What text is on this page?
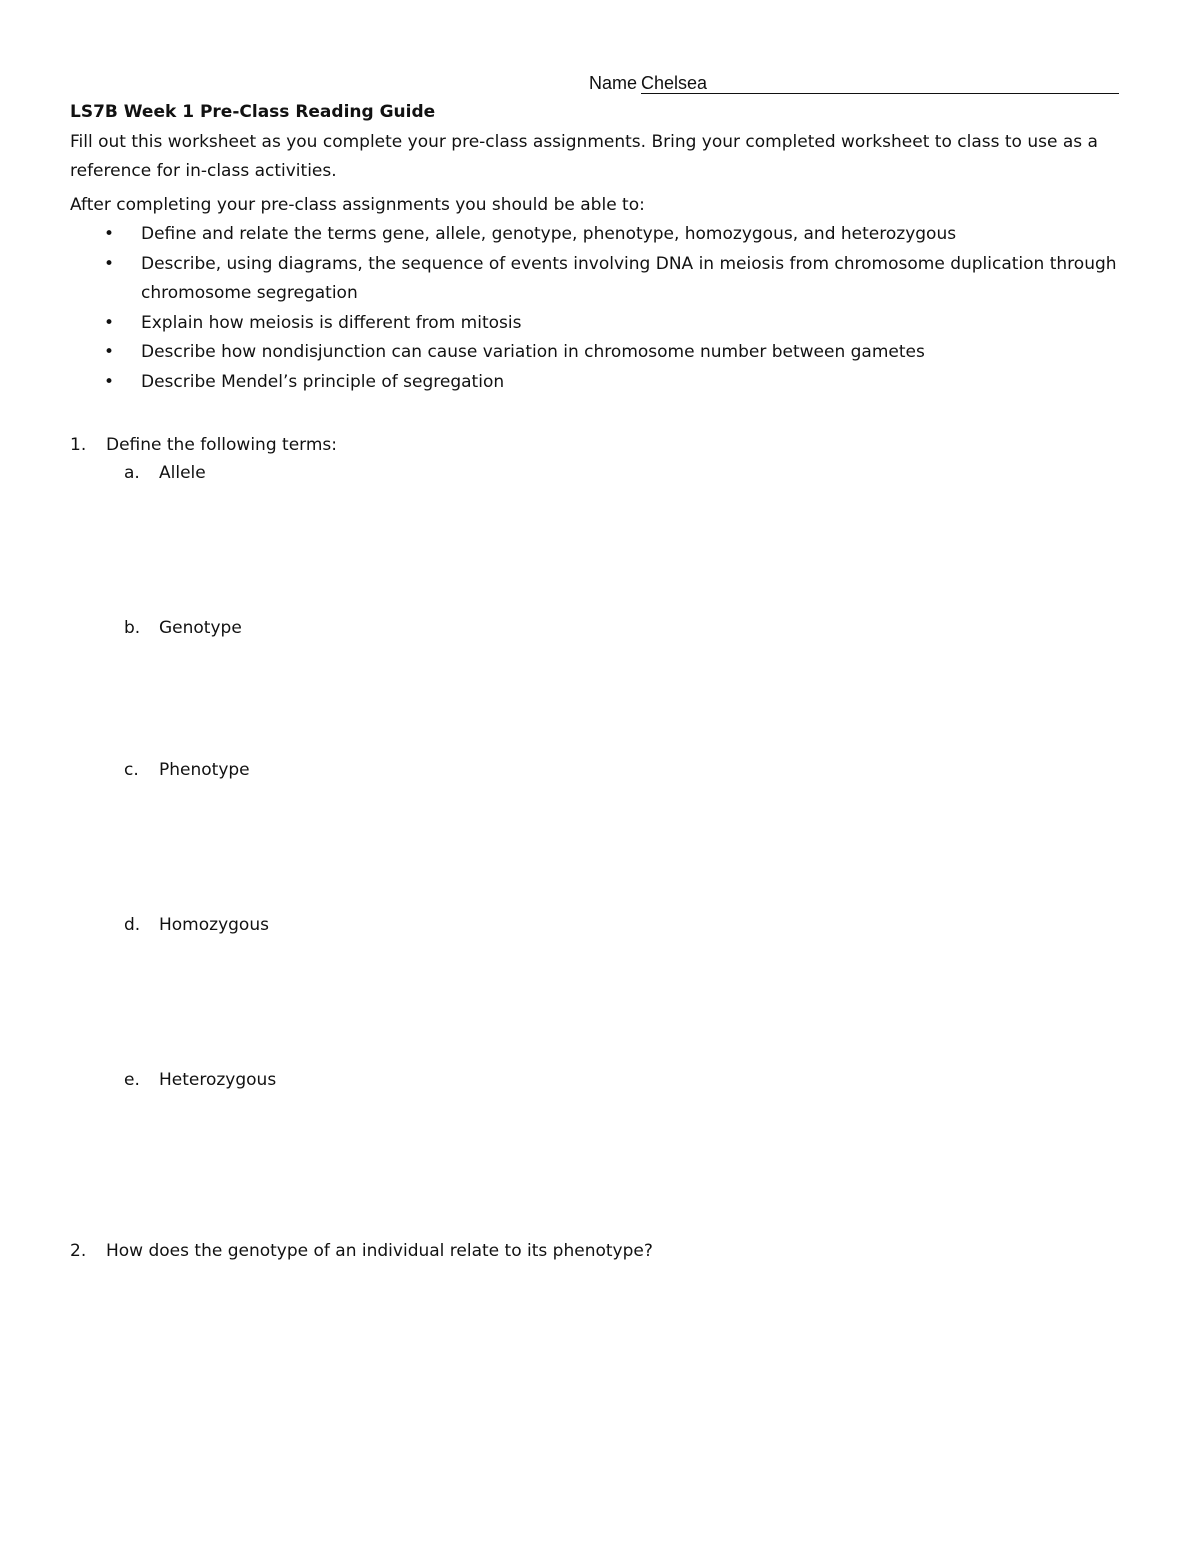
Name Chelsea
LS7B Week 1 Pre-Class Reading Guide

Fill out this worksheet as you complete your pre-class assignments. Bring your completed worksheet to class to use as a reference for in-class activities.

After completing your pre-class assignments you should be able to:
• Define and relate the terms gene, allele, genotype, phenotype, homozygous, and heterozygous
• Describe, using diagrams, the sequence of events involving DNA in meiosis from chromosome duplication through chromosome segregation
• Explain how meiosis is different from mitosis
• Describe how nondisjunction can cause variation in chromosome number between gametes
• Describe Mendel’s principle of segregation
1. Define the following terms:
a. Allele
b. Genotype
c. Phenotype
d. Homozygous
e. Heterozygous
2. How does the genotype of an individual relate to its phenotype?
